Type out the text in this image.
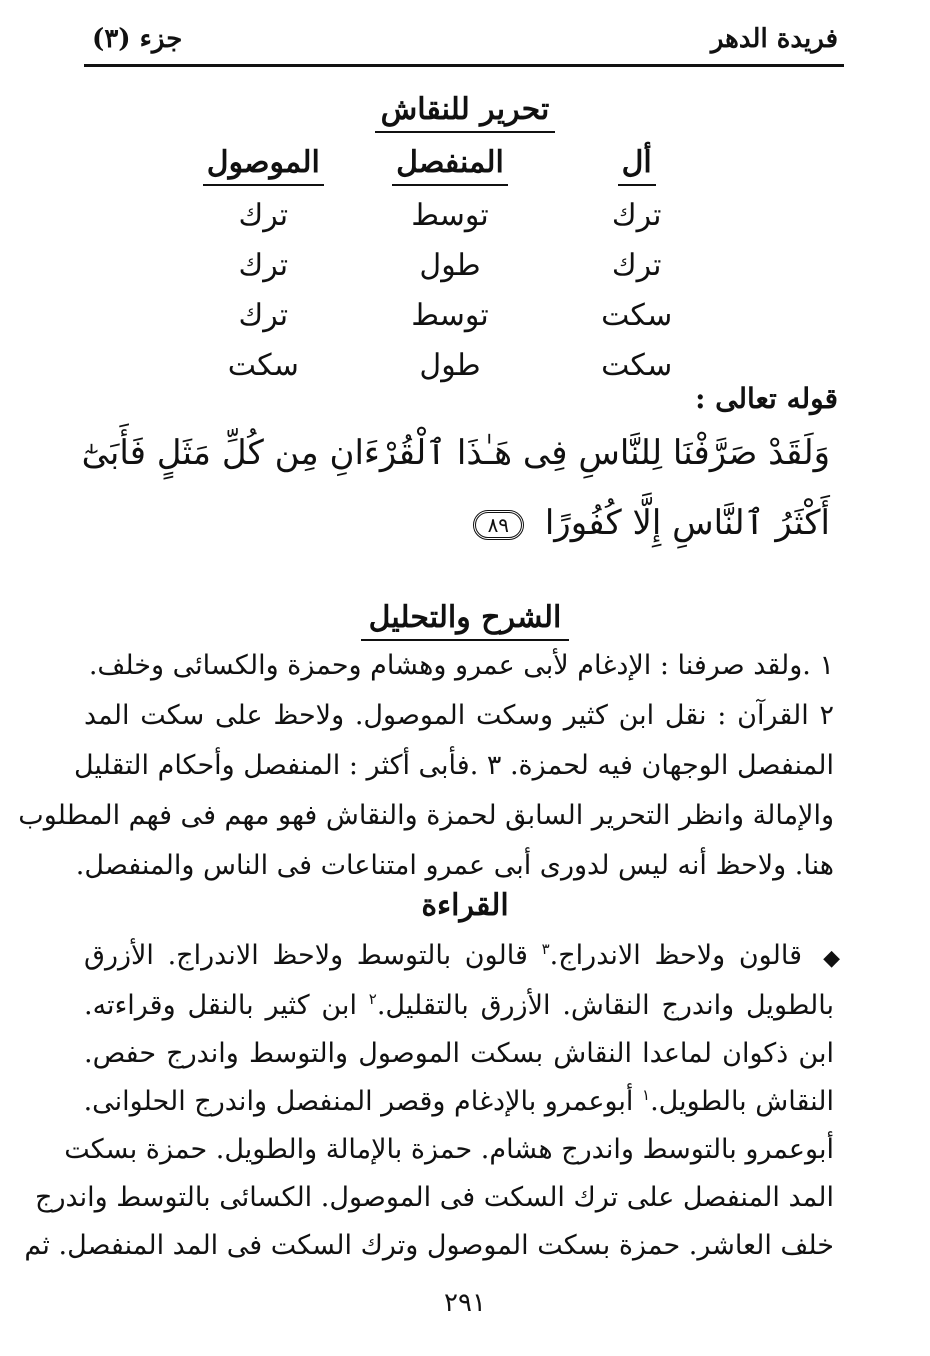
فريدة الدهر
جزء (٣)
تحرير للنقاش
أل
المنفصل
الموصول
ترك
توسط
ترك
ترك
طول
ترك
سكت
توسط
ترك
سكت
طول
سكت
قوله تعالى :
وَلَقَدْ صَرَّفْنَا لِلنَّاسِ فِى هَـٰذَا ٱلْقُرْءَانِ مِن كُلِّ مَثَلٍ فَأَبَىٰٓ
أَكْثَرُ ٱلنَّاسِ إِلَّا كُفُورًا ٨٩
الشرح والتحليل
١ .ولقد صرفنا : الإدغام لأبى عمرو وهشام وحمزة والكسائى وخلف.
٢ القرآن : نقل ابن كثير وسكت الموصول. ولاحظ على سكت المد
المنفصل الوجهان فيه لحمزة. ٣ .فأبى أكثر : المنفصل وأحكام التقليل
والإمالة وانظر التحرير السابق لحمزة والنقاش فهو مهم فى فهم المطلوب
هنا. ولاحظ أنه ليس لدورى أبى عمرو امتناعات فى الناس والمنفصل.
القراءة
◆
قالون ولاحظ الاندراج.$^٣$ قالون بالتوسط ولاحظ الاندراج. الأزرق
بالطويل واندرج النقاش. الأزرق بالتقليل.$^٢$ ابن كثير بالنقل وقراءته.
ابن ذكوان لماعدا النقاش بسكت الموصول والتوسط واندرج حفص.
النقاش بالطويل.$^١$ أبوعمرو بالإدغام وقصر المنفصل واندرج الحلوانى.
أبوعمرو بالتوسط واندرج هشام. حمزة بالإمالة والطويل. حمزة بسكت
المد المنفصل على ترك السكت فى الموصول. الكسائى بالتوسط واندرج
خلف العاشر. حمزة بسكت الموصول وترك السكت فى المد المنفصل. ثم
٢٩١
